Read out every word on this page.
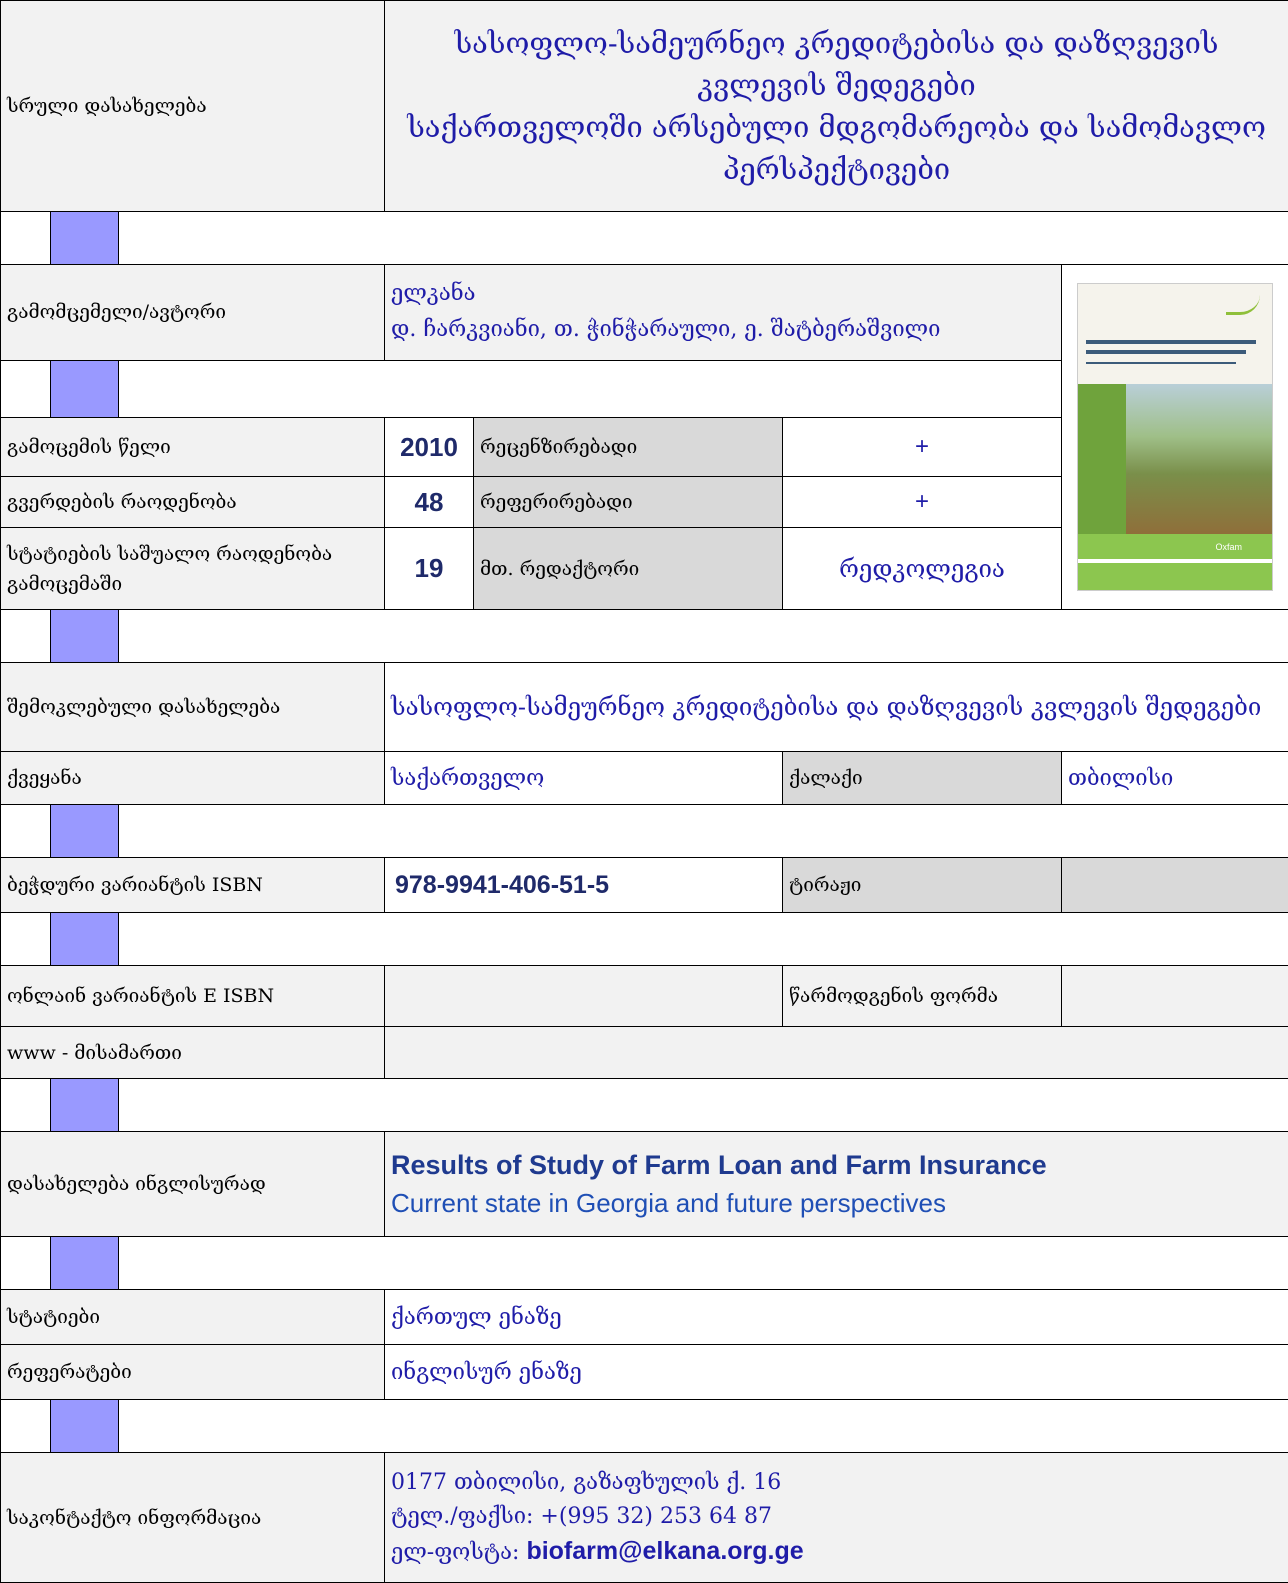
სრული დასახელება			სასოფლო-სამეურნეო კრედიტებისა და დაზღვევის
კვლევის შედეგები
საქართველოში არსებული მდგომარეობა და სამომავლო
პერსპექტივები			

გამომცემელი/ავტორი			ელკანა
დ. ჩარკვიანი, თ. ჭინჭარაული, ე. შატბერაშვილი			Oxfam

გამოცემის წელი			2010	რეცენზირებადი	+	
გვერდების რაოდენობა			48	რეფერირებადი	+	
სტატიების საშუალო რაოდენობა გამოცემაში			19	მთ. რედაქტორი	რედკოლეგია	

შემოკლებული დასახელება			სასოფლო-სამეურნეო კრედიტებისა და დაზღვევის კვლევის შედეგები			
ქვეყანა			საქართველო		ქალაქი	თბილისი

ბეჭდური ვარიანტის ISBN			978-9941-406-51-5		ტირაჟი	

ონლაინ ვარიანტის E ISBN					წარმოდგენის ფორმა	
www - მისამართი						

დასახელება ინგლისურად			Results of Study of Farm Loan and Farm Insurance
Current state in Georgia and future perspectives			

სტატიები			ქართულ ენაზე			
რეფერატები			ინგლისურ ენაზე			

საკონტაქტო ინფორმაცია			0177 თბილისი, გაზაფხულის ქ. 16
ტელ./ფაქსი: +(995 32) 253 64 87
ელ-ფოსტა: biofarm@elkana.org.ge			
